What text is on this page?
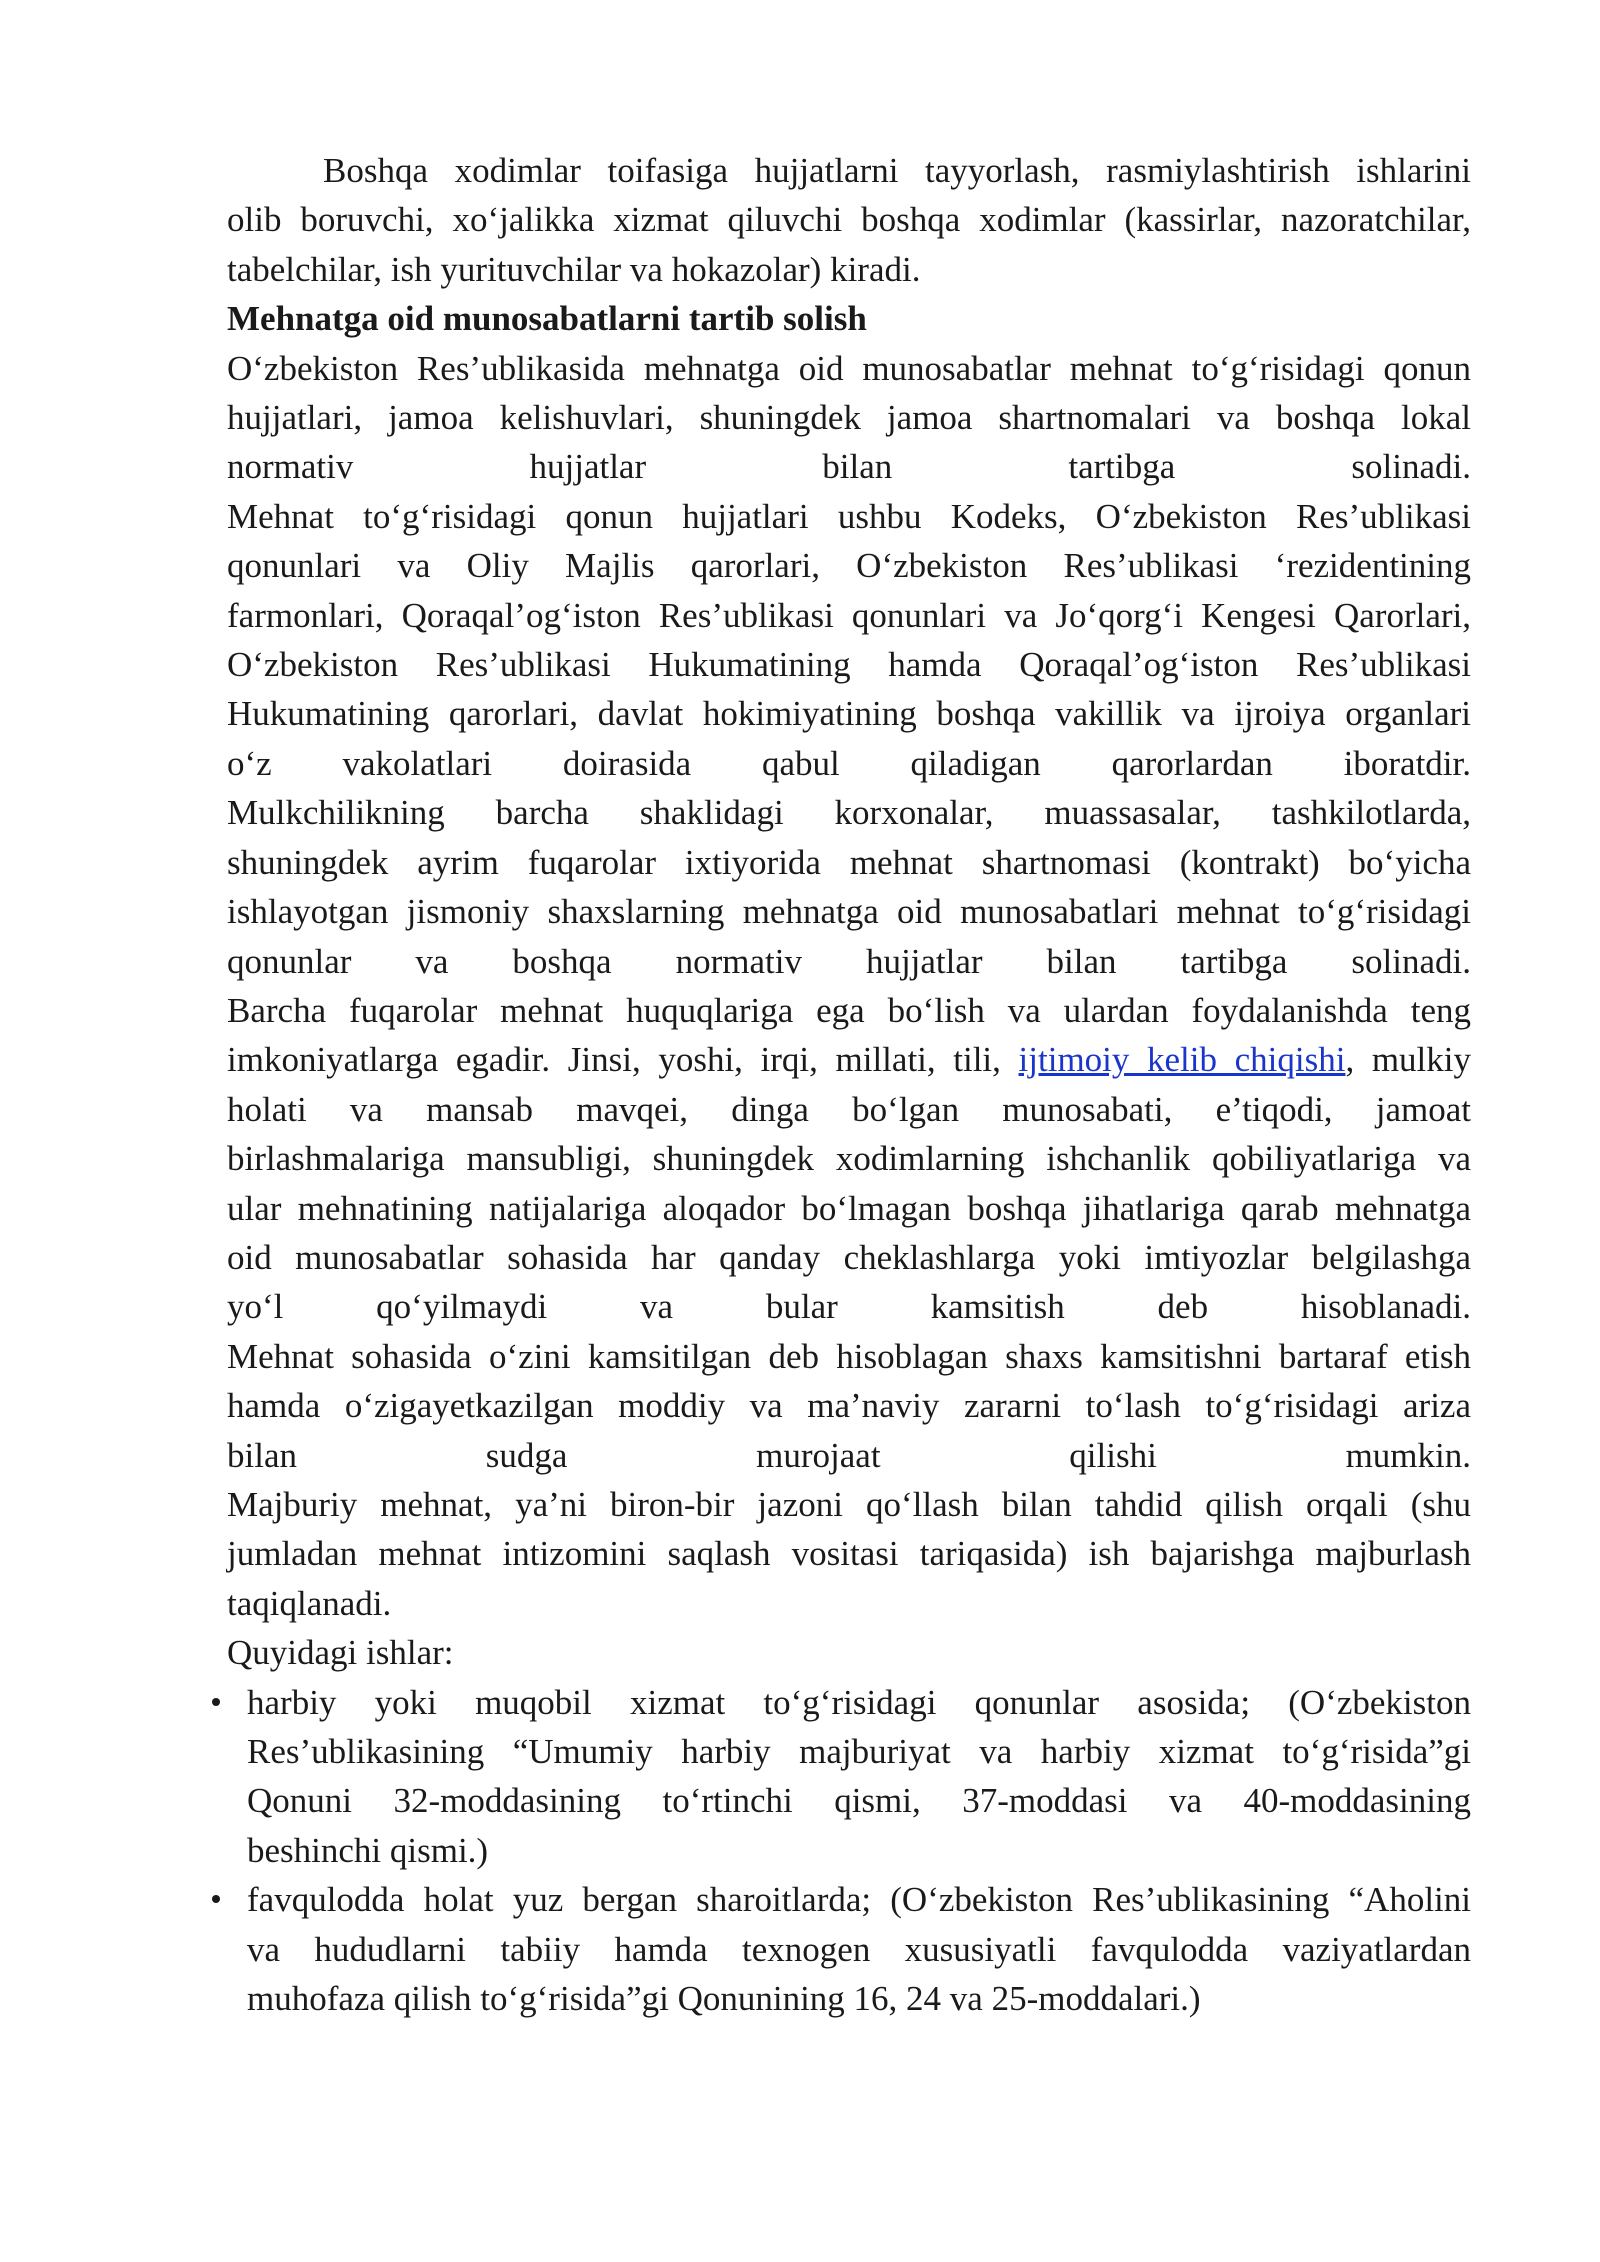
Boshqa xodimlar toifasiga hujjatlarni tayyorlash, rasmiylashtirish ishlarini
olib boruvchi, xo‘jalikka xizmat qiluvchi boshqa xodimlar (kassirlar, nazoratchilar,
tabelchilar, ish yurituvchilar va hokazolar) kiradi.
Mehnatga oid munosabatlarni tartib solish
O‘zbekiston Res’ublikasida mehnatga oid munosabatlar mehnat to‘g‘risidagi qonun
hujjatlari, jamoa kelishuvlari, shuningdek jamoa shartnomalari va boshqa lokal
normativ hujjatlar bilan tartibga solinadi.
Mehnat to‘g‘risidagi qonun hujjatlari ushbu Kodeks, O‘zbekiston Res’ublikasi
qonunlari va Oliy Majlis qarorlari, O‘zbekiston Res’ublikasi ‘rezidentining
farmonlari, Qoraqal’og‘iston Res’ublikasi qonunlari va Jo‘qorg‘i Kengesi Qarorlari,
O‘zbekiston Res’ublikasi Hukumatining hamda Qoraqal’og‘iston Res’ublikasi
Hukumatining qarorlari, davlat hokimiyatining boshqa vakillik va ijroiya organlari
o‘z vakolatlari doirasida qabul qiladigan qarorlardan iboratdir.
Mulkchilikning barcha shaklidagi korxonalar, muassasalar, tashkilotlarda,
shuningdek ayrim fuqarolar ixtiyorida mehnat shartnomasi (kontrakt) bo‘yicha
ishlayotgan jismoniy shaxslarning mehnatga oid munosabatlari mehnat to‘g‘risidagi
qonunlar va boshqa normativ hujjatlar bilan tartibga solinadi.
Barcha fuqarolar mehnat huquqlariga ega bo‘lish va ulardan foydalanishda teng
imkoniyatlarga egadir. Jinsi, yoshi, irqi, millati, tili, ijtimoiy kelib chiqishi, mulkiy
holati va mansab mavqei, dinga bo‘lgan munosabati, e’tiqodi, jamoat
birlashmalariga mansubligi, shuningdek xodimlarning ishchanlik qobiliyatlariga va
ular mehnatining natijalariga aloqador bo‘lmagan boshqa jihatlariga qarab mehnatga
oid munosabatlar sohasida har qanday cheklashlarga yoki imtiyozlar belgilashga
yo‘l qo‘yilmaydi va bular kamsitish deb hisoblanadi.
Mehnat sohasida o‘zini kamsitilgan deb hisoblagan shaxs kamsitishni bartaraf etish
hamda o‘zigayetkazilgan moddiy va ma’naviy zararni to‘lash to‘g‘risidagi ariza
bilan sudga murojaat qilishi mumkin.
Majburiy mehnat, ya’ni biron-bir jazoni qo‘llash bilan tahdid qilish orqali (shu
jumladan mehnat intizomini saqlash vositasi tariqasida) ish bajarishga majburlash
taqiqlanadi.
Quyidagi ishlar:
harbiy yoki muqobil xizmat to‘g‘risidagi qonunlar asosida; (O‘zbekiston
Res’ublikasining “Umumiy harbiy majburiyat va harbiy xizmat to‘g‘risida”gi
Qonuni 32-moddasining to‘rtinchi qismi, 37-moddasi va 40-moddasining
beshinchi qismi.)
favqulodda holat yuz bergan sharoitlarda; (O‘zbekiston Res’ublikasining “Aholini
va hududlarni tabiiy hamda texnogen xususiyatli favqulodda vaziyatlardan
muhofaza qilish to‘g‘risida”gi Qonunining 16, 24 va 25-moddalari.)
